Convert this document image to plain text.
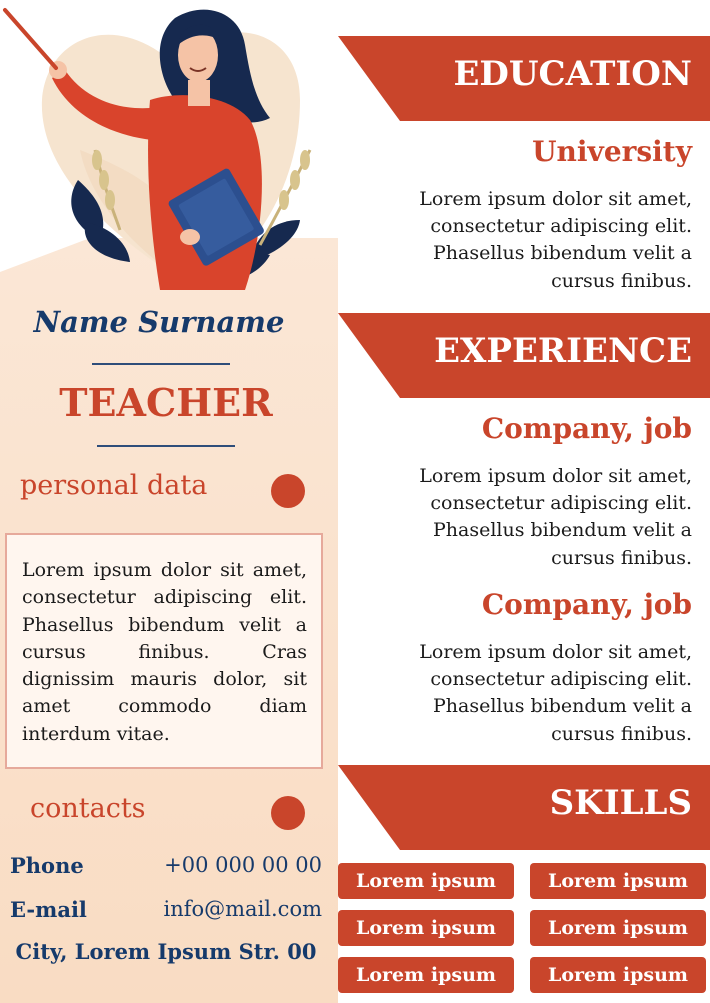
Name Surname
TEACHER
personal data
Lorem ipsum dolor sit amet, consectetur adipiscing elit. Phasellus bibendum velit a cursus finibus. Cras dignissim mauris dolor, sit amet commodo diam interdum vitae.
contacts
Phone	+00 000 00 00
E-mail	info@mail.com
City, Lorem Ipsum Str. 00
EDUCATION
University
Lorem ipsum dolor sit amet, consectetur adipiscing elit. Phasellus bibendum velit a cursus finibus.
EXPERIENCE
Company, job
Lorem ipsum dolor sit amet, consectetur adipiscing elit. Phasellus bibendum velit a cursus finibus.
Company, job
Lorem ipsum dolor sit amet, consectetur adipiscing elit. Phasellus bibendum velit a cursus finibus.
SKILLS
Lorem ipsum	Lorem ipsum
Lorem ipsum	Lorem ipsum
Lorem ipsum	Lorem ipsum
